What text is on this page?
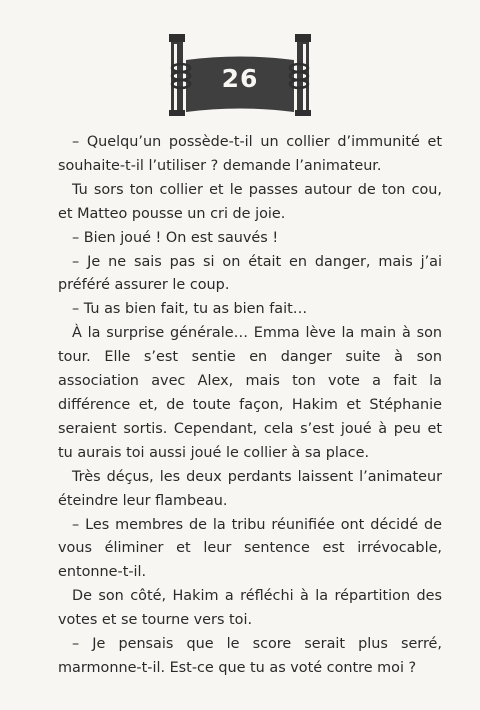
26

– Quelqu’un possède-t-il un collier d’immunité et souhaite-t-il l’utiliser ? demande l’animateur.

Tu sors ton collier et le passes autour de ton cou, et Matteo pousse un cri de joie.

– Bien joué ! On est sauvés !

– Je ne sais pas si on était en danger, mais j’ai préféré assurer le coup.

– Tu as bien fait, tu as bien fait…

À la surprise générale… Emma lève la main à son tour. Elle s’est sentie en danger suite à son association avec Alex, mais ton vote a fait la différence et, de toute façon, Hakim et Stéphanie seraient sortis. Cependant, cela s’est joué à peu et tu aurais toi aussi joué le collier à sa place.

Très déçus, les deux perdants laissent l’animateur éteindre leur flambeau.

– Les membres de la tribu réunifiée ont décidé de vous éliminer et leur sentence est irrévocable, entonne-t-il.

De son côté, Hakim a réfléchi à la répartition des votes et se tourne vers toi.

– Je pensais que le score serait plus serré, marmonne-t-il. Est-ce que tu as voté contre moi ?
